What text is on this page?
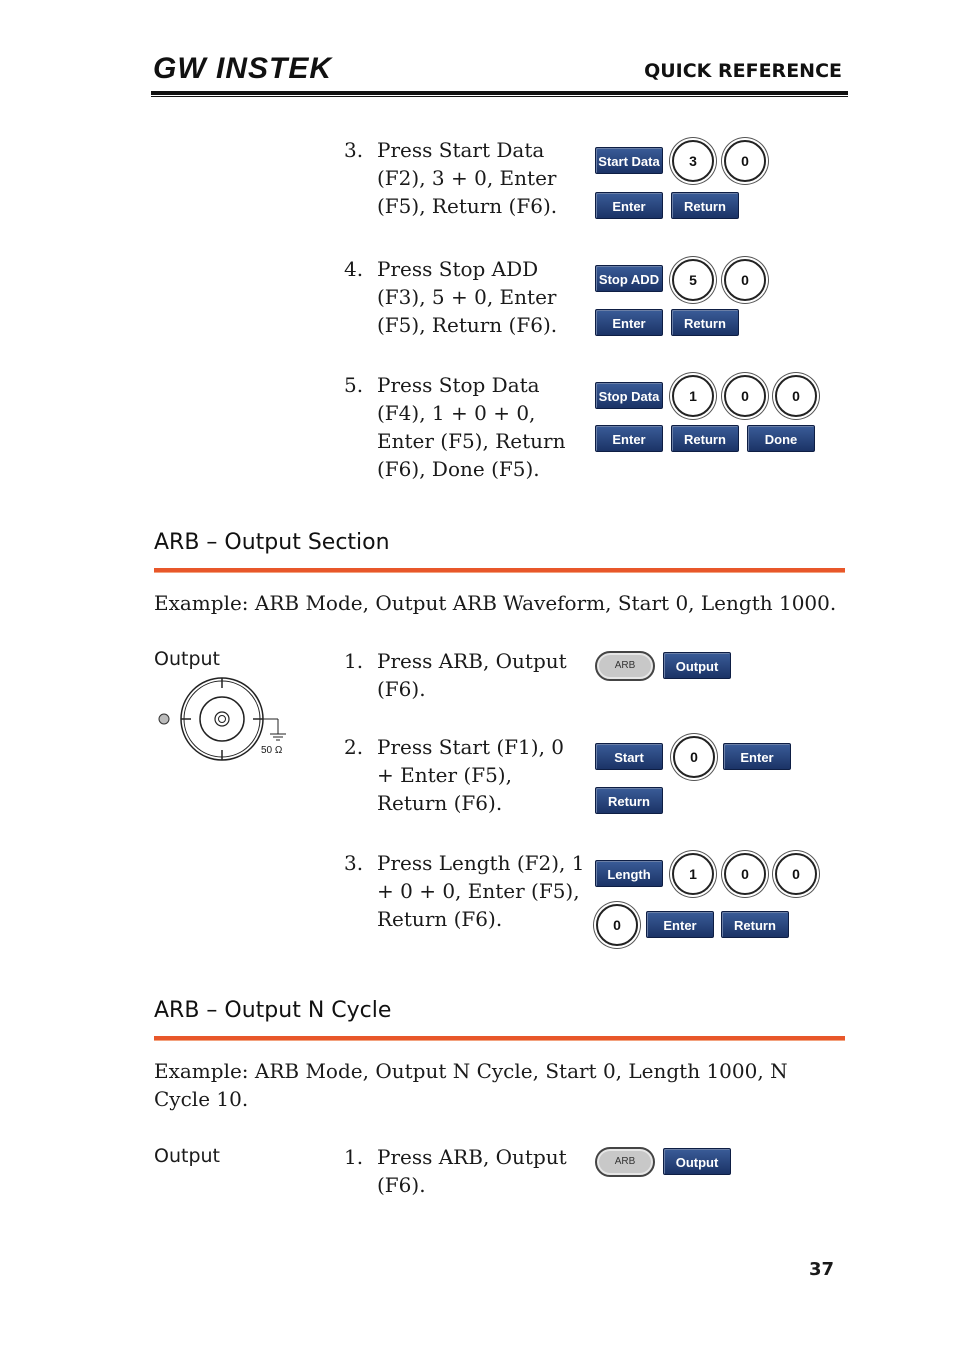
GW INSTEK	QUICK REFERENCE
3. Press Start Data (F2), 3 + 0, Enter (F5), Return (F6).
Start Data	3	0
Enter	Return
4. Press Stop ADD (F3), 5 + 0, Enter (F5), Return (F6).
Stop ADD	5	0
Enter	Return
5. Press Stop Data (F4), 1 + 0 + 0, Enter (F5), Return (F6), Done (F5).
Stop Data	1	0	0
Enter	Return	Done
ARB – Output Section
Example: ARB Mode, Output ARB Waveform, Start 0, Length 1000.
Output
50 Ω
1. Press ARB, Output (F6).
ARB	Output
2. Press Start (F1), 0 + Enter (F5), Return (F6).
Start	0	Enter
Return
3. Press Length (F2), 1 + 0 + 0, Enter (F5), Return (F6).
Length	1	0	0
0	Enter	Return
ARB – Output N Cycle
Example: ARB Mode, Output N Cycle, Start 0, Length 1000, N Cycle 10.
Output	1. Press ARB, Output (F6).
ARB	Output
37
